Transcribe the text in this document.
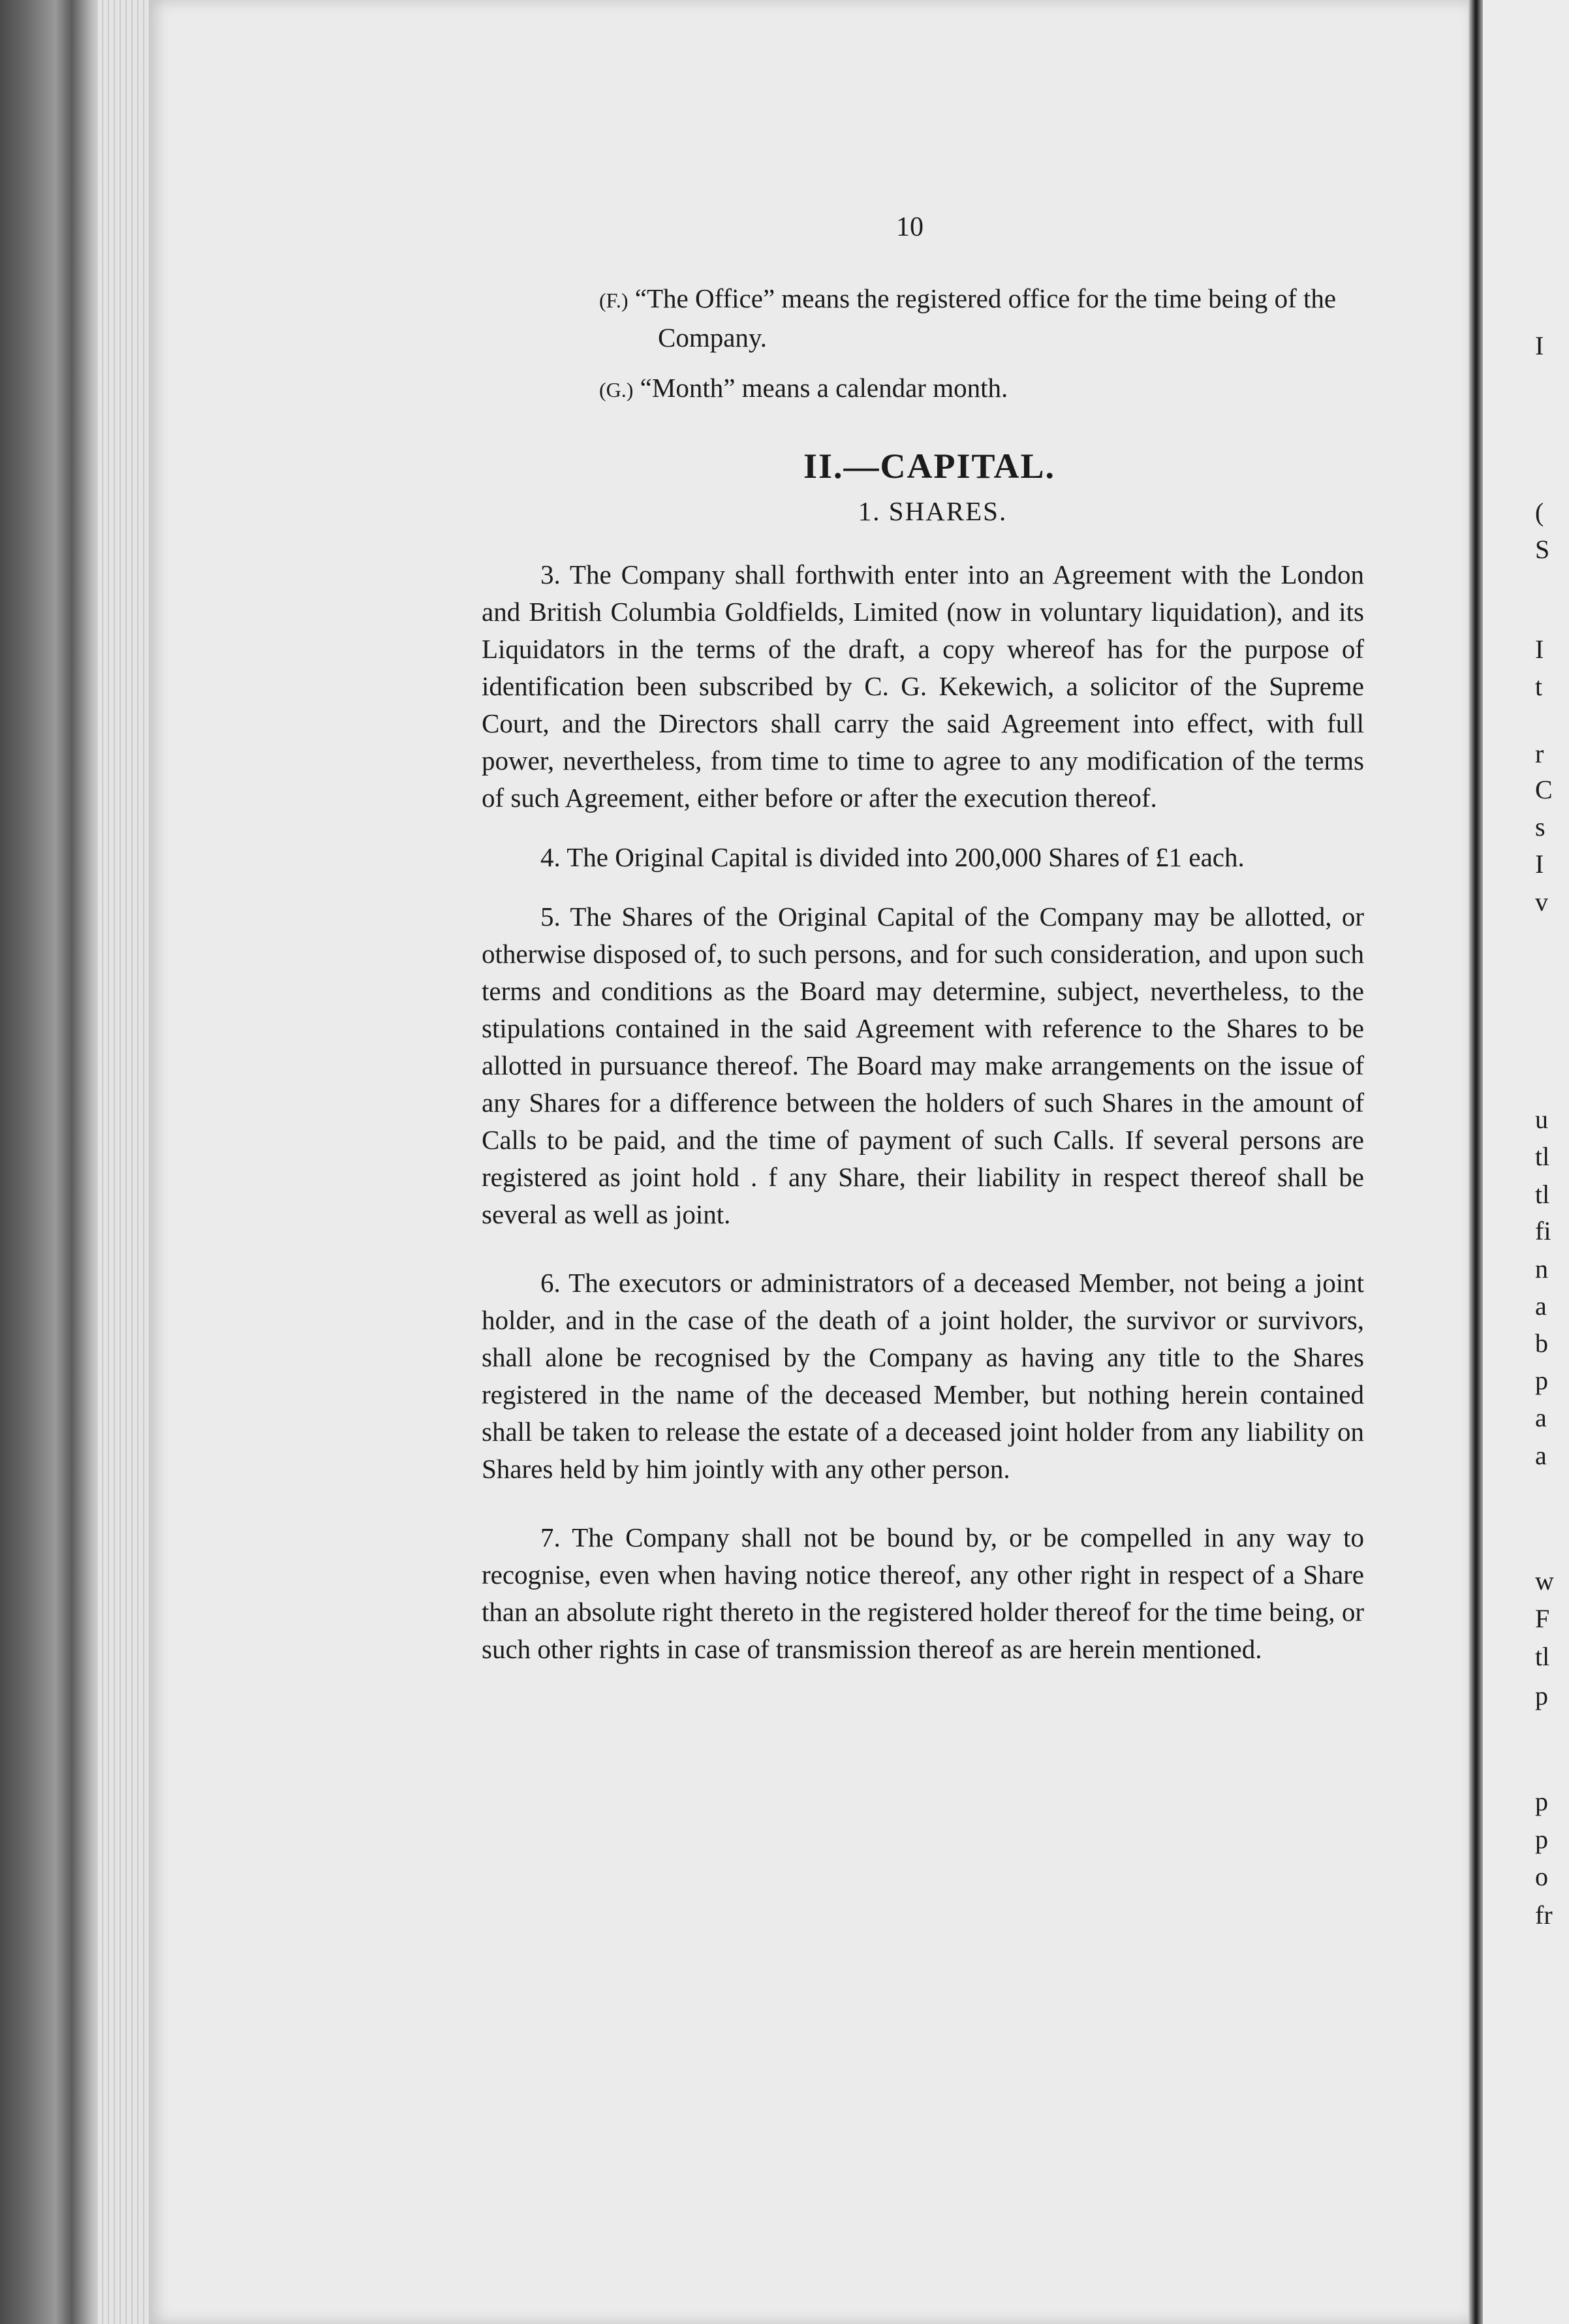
I
(
S
I
t
r
C
s
I
v
u
tl
tl
fi
n
a
b
p
a
a
w
F
tl
p
p
p
o
fr
10
(F.) “The Office” means the registered office for the time being of the Company.
(G.) “Month” means a calendar month.
II.—CAPITAL.
1. SHARES.
3. The Company shall forthwith enter into an Agreement with the London and British Columbia Goldfields, Limited (now in voluntary liquidation), and its Liquidators in the terms of the draft, a copy whereof has for the purpose of identification been subscribed by C. G. Kekewich, a solicitor of the Supreme Court, and the Directors shall carry the said Agreement into effect, with full power, nevertheless, from time to time to agree to any modification of the terms of such Agreement, either before or after the execution thereof.
4. The Original Capital is divided into 200,000 Shares of £1 each.
5. The Shares of the Original Capital of the Company may be allotted, or otherwise disposed of, to such persons, and for such consideration, and upon such terms and conditions as the Board may determine, subject, nevertheless, to the stipulations contained in the said Agreement with reference to the Shares to be allotted in pursuance thereof. The Board may make arrangements on the issue of any Shares for a difference between the holders of such Shares in the amount of Calls to be paid, and the time of payment of such Calls. If several persons are registered as joint hold . f any Share, their liability in respect thereof shall be several as well as joint.
6. The executors or administrators of a deceased Member, not being a joint holder, and in the case of the death of a joint holder, the survivor or survivors, shall alone be recognised by the Company as having any title to the Shares registered in the name of the deceased Member, but nothing herein contained shall be taken to release the estate of a deceased joint holder from any liability on Shares held by him jointly with any other person.
7. The Company shall not be bound by, or be compelled in any way to recognise, even when having notice thereof, any other right in respect of a Share than an absolute right thereto in the registered holder thereof for the time being, or such other rights in case of transmission thereof as are herein mentioned.
